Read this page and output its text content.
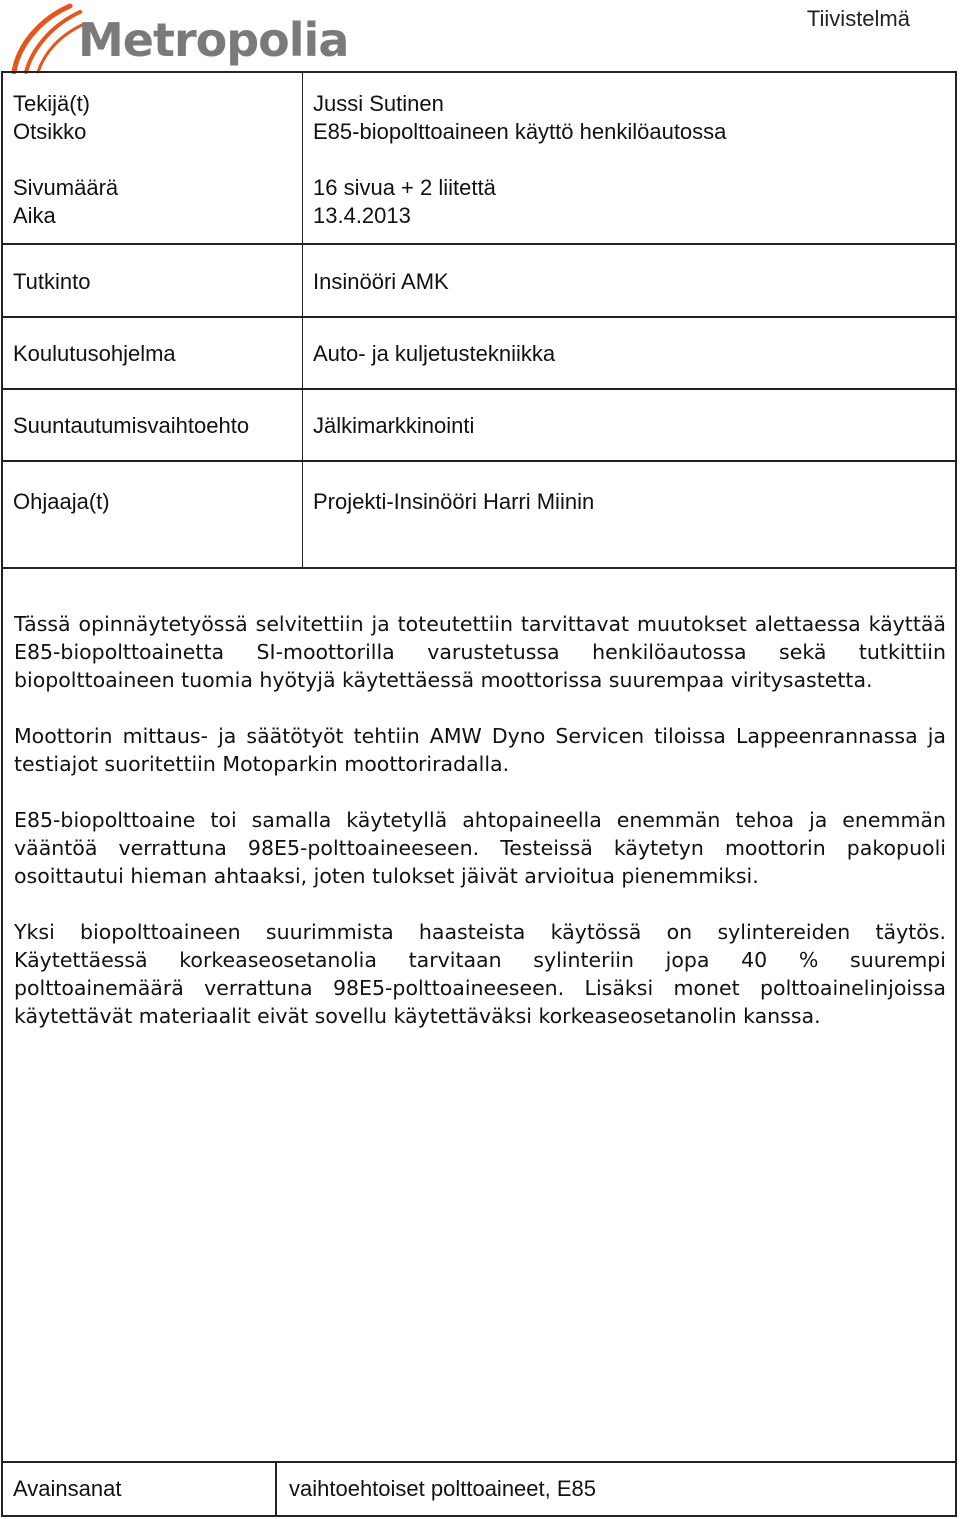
Metropolia	Tiivistelmä
Tekijä(t)	Jussi Sutinen
Otsikko	E85-biopolttoaineen käyttö henkilöautossa
Sivumäärä	16 sivua + 2 liitettä
Aika	13.4.2013
Tutkinto	Insinööri AMK
Koulutusohjelma	Auto- ja kuljetustekniikka
Suuntautumisvaihtoehto	Jälkimarkkinointi
Ohjaaja(t)	Projekti-Insinööri Harri Miinin

Tässä opinnäytetyössä selvitettiin ja toteutettiin tarvittavat muutokset alettaessa käyttää E85-biopolttoainetta SI-moottorilla varustetussa henkilöautossa sekä tutkittiin biopolttoaineen tuomia hyötyjä käytettäessä moottorissa suurempaa viritysastetta.

Moottorin mittaus- ja säätötyöt tehtiin AMW Dyno Servicen tiloissa Lappeenrannassa ja testiajot suoritettiin Motoparkin moottoriradalla.

E85-biopolttoaine toi samalla käytetyllä ahtopaineella enemmän tehoa ja enemmän vääntöä verrattuna 98E5-polttoaineeseen. Testeissä käytetyn moottorin pakopuoli osoittautui hieman ahtaaksi, joten tulokset jäivät arvioitua pienemmiksi.

Yksi biopolttoaineen suurimmista haasteista käytössä on sylintereiden täytös. Käytettäessä korkeaseosetanolia tarvitaan sylinteriin jopa 40 % suurempi polttoainemäärä verrattuna 98E5-polttoaineeseen. Lisäksi monet polttoainelinjoissa käytettävät materiaalit eivät sovellu käytettäväksi korkeaseosetanolin kanssa.

Avainsanat	vaihtoehtoiset polttoaineet, E85
